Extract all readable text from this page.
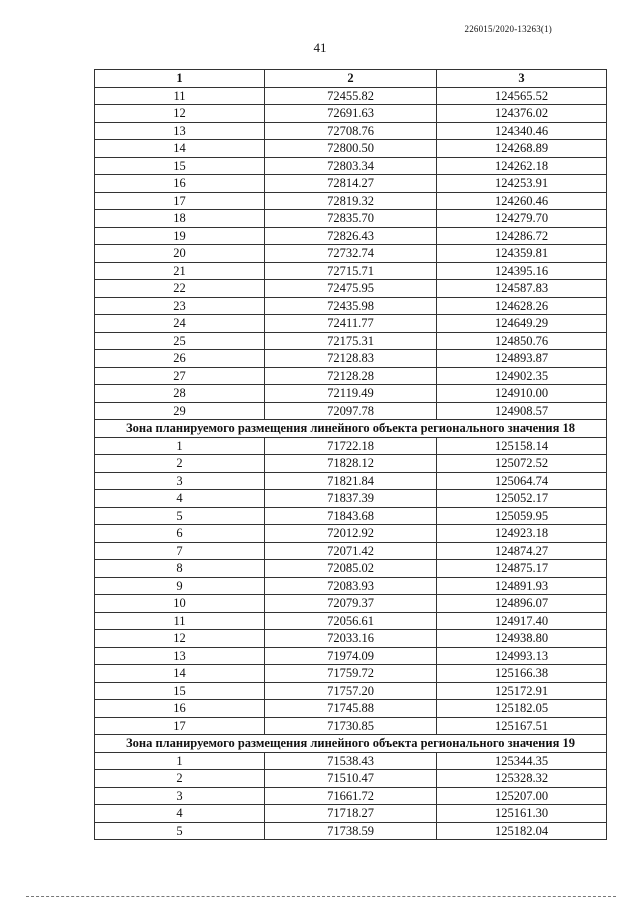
226015/2020-13263(1)
41
1	2	3
11	72455.82	124565.52
12	72691.63	124376.02
13	72708.76	124340.46
14	72800.50	124268.89
15	72803.34	124262.18
16	72814.27	124253.91
17	72819.32	124260.46
18	72835.70	124279.70
19	72826.43	124286.72
20	72732.74	124359.81
21	72715.71	124395.16
22	72475.95	124587.83
23	72435.98	124628.26
24	72411.77	124649.29
25	72175.31	124850.76
26	72128.83	124893.87
27	72128.28	124902.35
28	72119.49	124910.00
29	72097.78	124908.57
Зона планируемого размещения линейного объекта регионального значения 18		
1	71722.18	125158.14
2	71828.12	125072.52
3	71821.84	125064.74
4	71837.39	125052.17
5	71843.68	125059.95
6	72012.92	124923.18
7	72071.42	124874.27
8	72085.02	124875.17
9	72083.93	124891.93
10	72079.37	124896.07
11	72056.61	124917.40
12	72033.16	124938.80
13	71974.09	124993.13
14	71759.72	125166.38
15	71757.20	125172.91
16	71745.88	125182.05
17	71730.85	125167.51
Зона планируемого размещения линейного объекта регионального значения 19		
1	71538.43	125344.35
2	71510.47	125328.32
3	71661.72	125207.00
4	71718.27	125161.30
5	71738.59	125182.04
